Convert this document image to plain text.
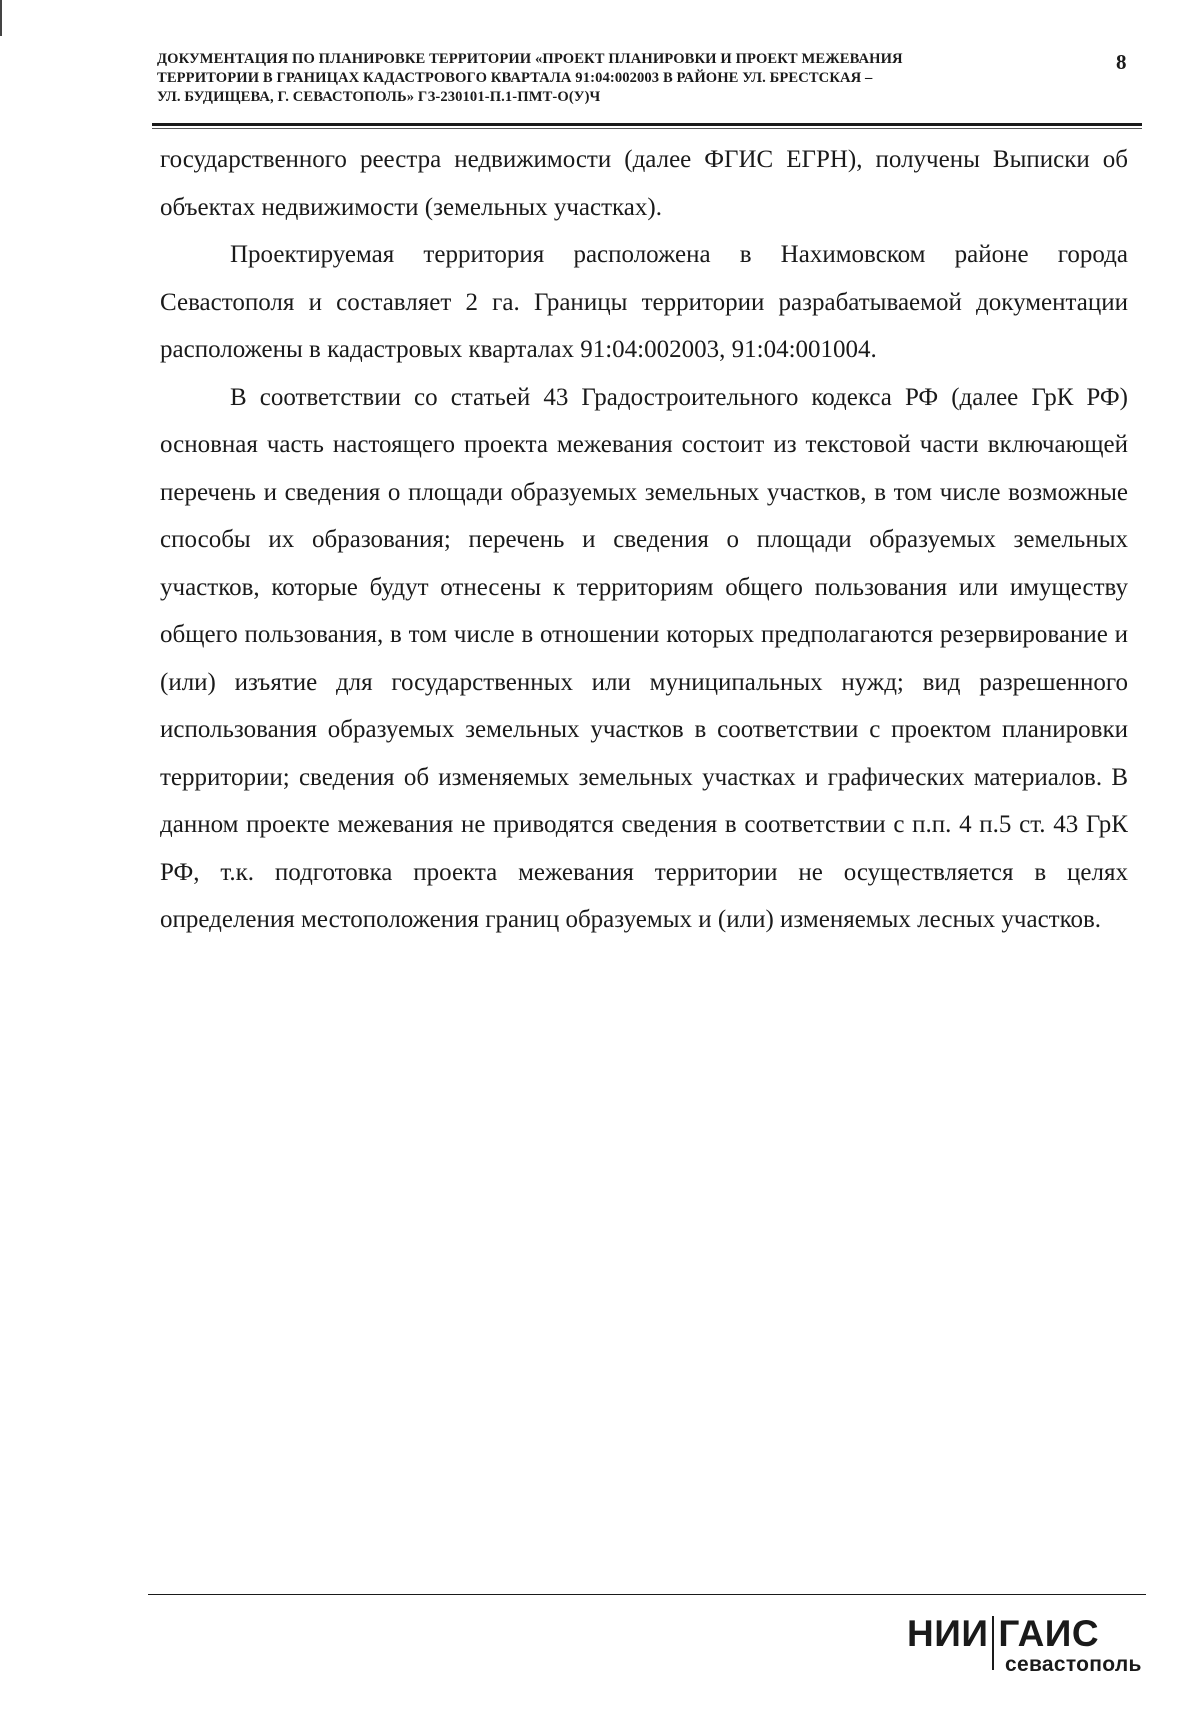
ДОКУМЕНТАЦИЯ ПО ПЛАНИРОВКЕ ТЕРРИТОРИИ «ПРОЕКТ ПЛАНИРОВКИ И ПРОЕКТ МЕЖЕВАНИЯ
ТЕРРИТОРИИ В ГРАНИЦАХ КАДАСТРОВОГО КВАРТАЛА 91:04:002003 В РАЙОНЕ УЛ. БРЕСТСКАЯ –
УЛ. БУДИЩЕВА, Г. СЕВАСТОПОЛЬ» ГЗ-230101-П.1-ПМТ-О(У)Ч
8

государственного реестра недвижимости (далее ФГИС ЕГРН), получены Выписки об объектах недвижимости (земельных участках).

Проектируемая территория расположена в Нахимовском районе города Севастополя и составляет 2 га. Границы территории разрабатываемой документации расположены в кадастровых кварталах 91:04:002003, 91:04:001004.

В соответствии со статьей 43 Градостроительного кодекса РФ (далее ГрК РФ) основная часть настоящего проекта межевания состоит из текстовой части включающей перечень и сведения о площади образуемых земельных участков, в том числе возможные способы их образования; перечень и сведения о площади образуемых земельных участков, которые будут отнесены к территориям общего пользования или имуществу общего пользования, в том числе в отношении которых предполагаются резервирование и (или) изъятие для государственных или муниципальных нужд; вид разрешенного использования образуемых земельных участков в соответствии с проектом планировки территории; сведения об изменяемых земельных участках и графических материалов. В данном проекте межевания не приводятся сведения в соответствии с п.п. 4 п.5 ст. 43 ГрК РФ, т.к. подготовка проекта межевания территории не осуществляется в целях определения местоположения границ образуемых и (или) изменяемых лесных участков.

НИИ ГАИС
севастополь
